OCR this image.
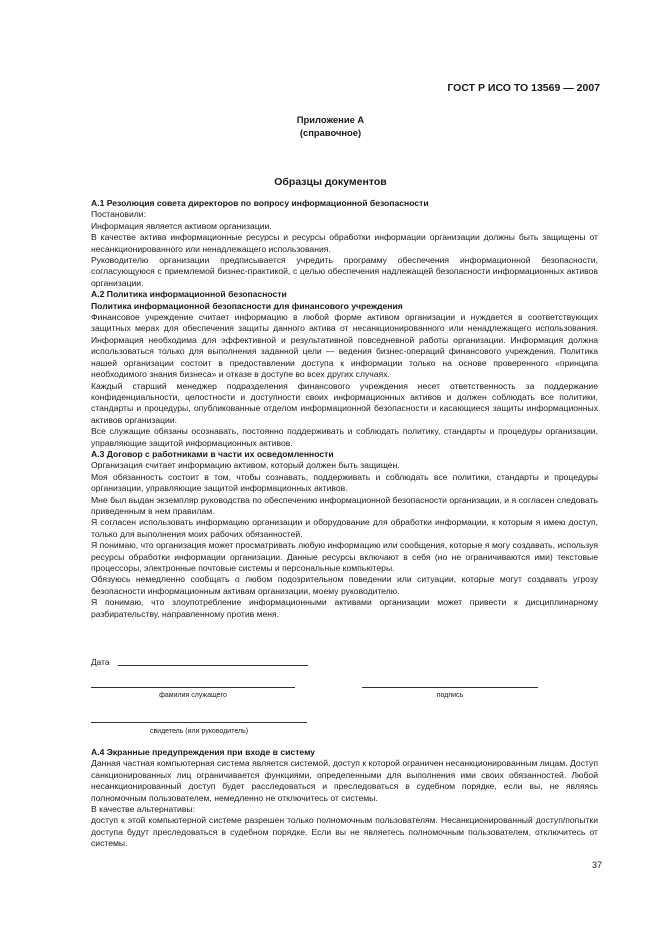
ГОСТ Р ИСО ТО 13569 — 2007
Приложение А
(справочное)
Образцы документов

А.1 Резолюция совета директоров по вопросу информационной безопасности

Постановили:

Информация является активом организации.

В качестве актива информационные ресурсы и ресурсы обработки информации организации должны быть защищены от несанкционированного или ненадлежащего использования.

Руководителю организации предписывается учредить программу обеспечения информационной безопасности, согласующуюся с приемлемой бизнес-практикой, с целью обеспечения надлежащей безопасности информационных активов организации.

А.2 Политика информационной безопасности

Политика информационной безопасности для финансового учреждения

Финансовое учреждение считает информацию в любой форме активом организации и нуждается в соответствующих защитных мерах для обеспечения защиты данного актива от несанкционированного или ненадлежащего использования. Информация необходима для эффективной и результативной повседневной работы организации. Информация должна использоваться только для выполнения заданной цели — ведения бизнес-операций финансового учреждения. Политика нашей организации состоит в предоставлении доступа к информации только на основе проверенного «принципа необходимого знания бизнеса» и отказе в доступе во всех других случаях.

Каждый старший менеджер подразделения финансового учреждения несет ответственность за поддержание конфиденциальности, целостности и доступности своих информационных активов и должен соблюдать все политики, стандарты и процедуры, опубликованные отделом информационной безопасности и касающиеся защиты информационных активов организации.

Все служащие обязаны осознавать, постоянно поддерживать и соблюдать политику, стандарты и процедуры организации, управляющие защитой информационных активов.

А.3 Договор с работниками в части их осведомленности

Организация считает информацию активом, который должен быть защищен.

Моя обязанность состоит в том, чтобы сознавать, поддерживать и соблюдать все политики, стандарты и процедуры организации, управляющие защитой информационных активов.

Мне был выдан экземпляр руководства по обеспечению информационной безопасности организации, и я согласен следовать приведенным в нем правилам.

Я согласен использовать информацию организации и оборудование для обработки информации, к которым я имею доступ, только для выполнения моих рабочих обязанностей.

Я понимаю, что организация может просматривать любую информацию или сообщения, которые я могу создавать, используя ресурсы обработки информации организации. Данные ресурсы включают в себя (но не ограничиваются ими) текстовые процессоры, электронные почтовые системы и персональные компьютеры.

Обязуюсь немедленно сообщать о любом подозрительном поведении или ситуации, которые могут создавать угрозу безопасности информационным активам организации, моему руководителю.

Я понимаю, что злоупотребление информационными активами организации может привести к дисциплинарному разбирательству, направленному против меня.

Дата
фамилия служащего	подпись
свидетель (или руководитель)

А.4 Экранные предупреждения при входе в систему

Данная частная компьютерная система является системой, доступ к которой ограничен несанкционированным лицам. Доступ санкционированных лиц ограничивается функциями, определенными для выполнения ими своих обязанностей. Любой несанкционированный доступ будет расследоваться и преследоваться в судебном порядке, если вы, не являясь полномочным пользователем, немедленно не отключитесь от системы.

В качестве альтернативы:

доступ к этой компьютерной системе разрешен только полномочным пользователям. Несанкционированный доступ/попытки доступа будут преследоваться в судебном порядке. Если вы не являетесь полномочным пользователем, отключитесь от системы.

37
